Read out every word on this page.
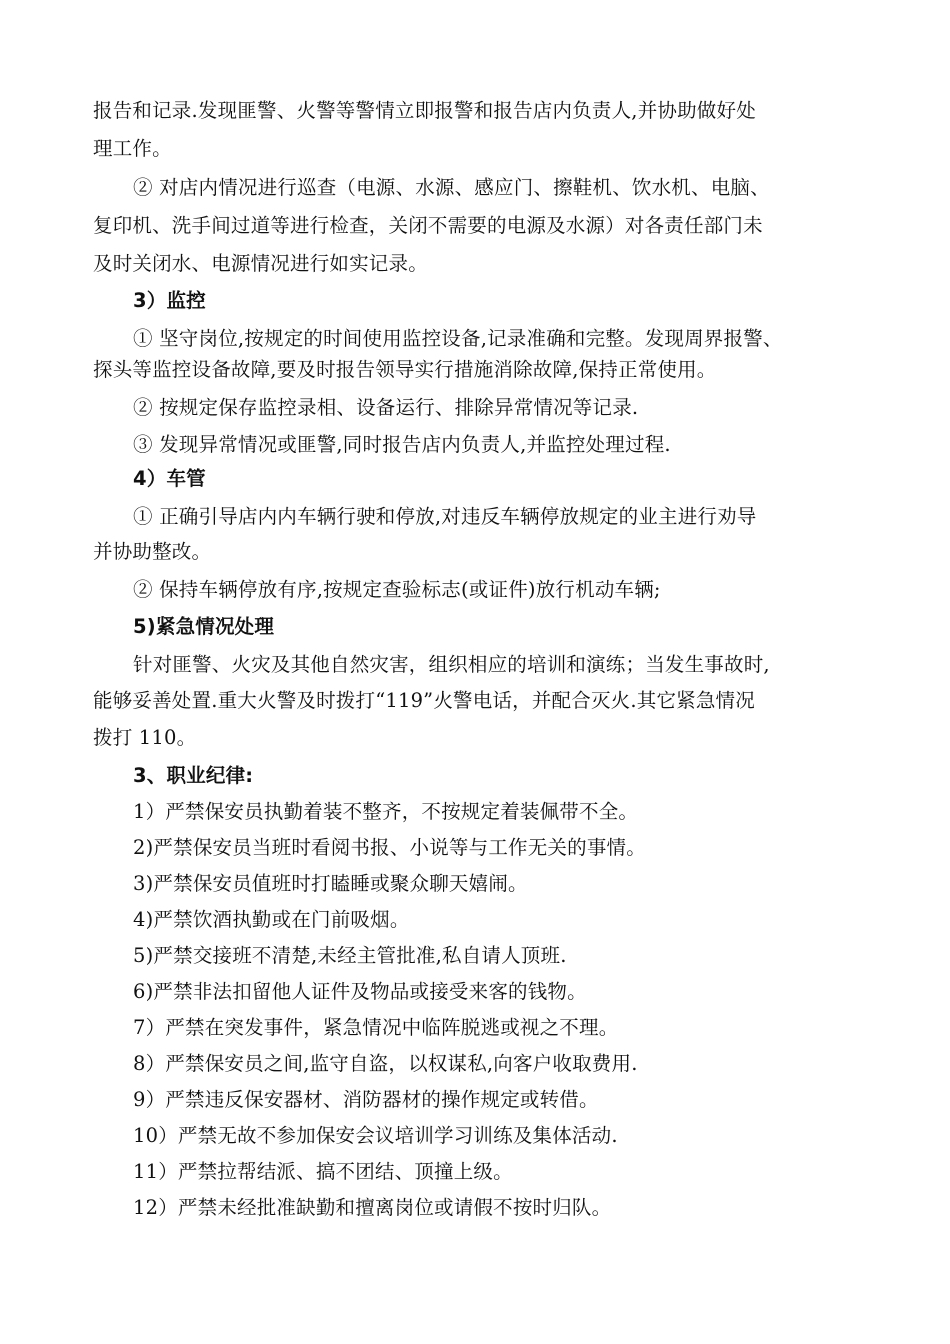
报告和记录.发现匪警、火警等警情立即报警和报告店内负责人,并协助做好处
理工作。
② 对店内情况进行巡查（电源、水源、感应门、擦鞋机、饮水机、电脑、
复印机、洗手间过道等进行检查，关闭不需要的电源及水源）对各责任部门未
及时关闭水、电源情况进行如实记录。
3）监控
① 坚守岗位,按规定的时间使用监控设备,记录准确和完整。发现周界报警、
探头等监控设备故障,要及时报告领导实行措施消除故障,保持正常使用。
② 按规定保存监控录相、设备运行、排除异常情况等记录.
③ 发现异常情况或匪警,同时报告店内负责人,并监控处理过程.
4）车管
① 正确引导店内内车辆行驶和停放,对违反车辆停放规定的业主进行劝导
并协助整改。
② 保持车辆停放有序,按规定查验标志(或证件)放行机动车辆;
5)紧急情况处理
针对匪警、火灾及其他自然灾害，组织相应的培训和演练；当发生事故时,
能够妥善处置.重大火警及时拨打“119”火警电话，并配合灭火.其它紧急情况
拨打 110。
3、职业纪律:
1）严禁保安员执勤着装不整齐，不按规定着装佩带不全。
2)严禁保安员当班时看阅书报、小说等与工作无关的事情。
3)严禁保安员值班时打瞌睡或聚众聊天嬉闹。
4)严禁饮酒执勤或在门前吸烟。
5)严禁交接班不清楚,未经主管批准,私自请人顶班.
6)严禁非法扣留他人证件及物品或接受来客的钱物。
7）严禁在突发事件，紧急情况中临阵脱逃或视之不理。
8）严禁保安员之间,监守自盗，以权谋私,向客户收取费用.
9）严禁违反保安器材、消防器材的操作规定或转借。
10）严禁无故不参加保安会议培训学习训练及集体活动.
11）严禁拉帮结派、搞不团结、顶撞上级。
12）严禁未经批准缺勤和擅离岗位或请假不按时归队。
